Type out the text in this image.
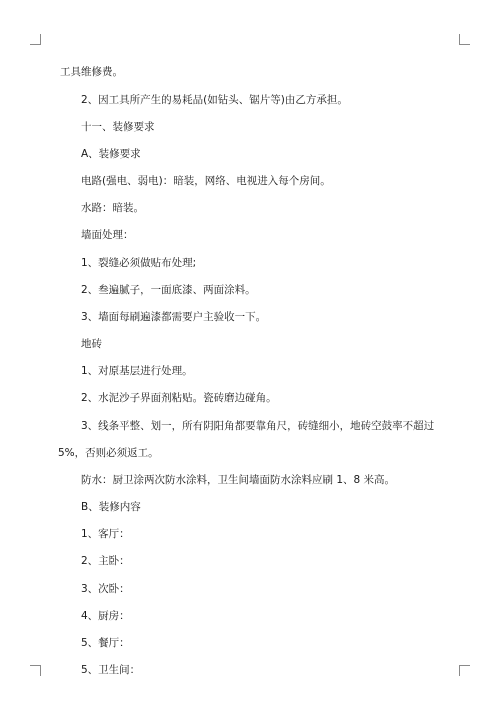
工具维修费。
2、因工具所产生的易耗品(如钻头、锯片等)由乙方承担。
十一、装修要求
A、装修要求
电路(强电、弱电)：暗装，网络、电视进入每个房间。
水路：暗装。
墙面处理：
1、裂缝必须做贴布处理;
2、叁遍腻子，一面底漆、两面涂料。
3、墙面每刷遍漆都需要户主验收一下。
地砖
1、对原基层进行处理。
2、水泥沙子界面剂粘贴。瓷砖磨边碰角。
3、线条平整、划一，所有阴阳角都要靠角尺，砖缝细小，地砖空鼓率不超过
5%，否则必须返工。
防水：厨卫涂两次防水涂料，卫生间墙面防水涂料应刷 1、8 米高。
B、装修内容
1、客厅：
2、主卧：
3、次卧：
4、厨房：
5、餐厅：
5、卫生间：
